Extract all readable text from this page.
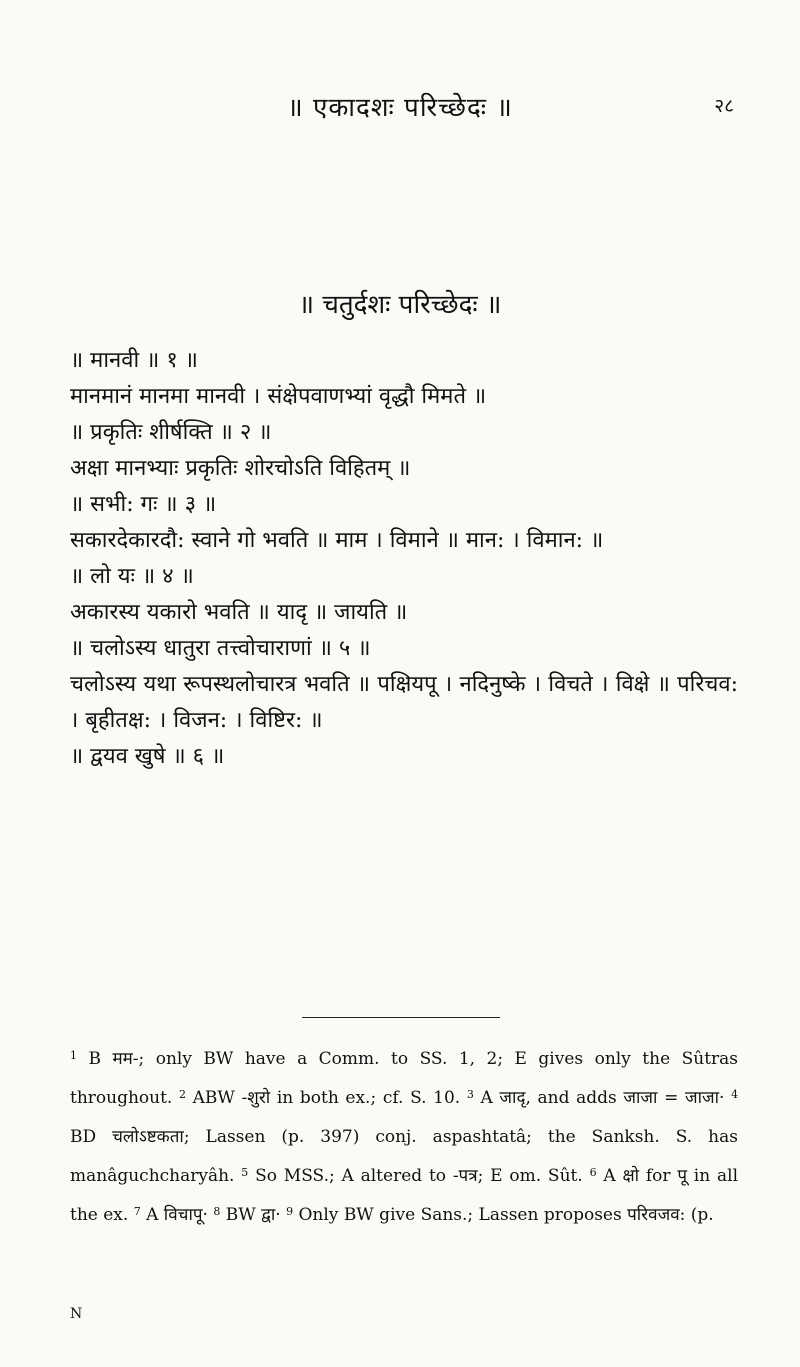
॥ एकादशः परिच्छेदः ॥	२८
॥ चतुर्दशः परिच्छेदः ॥
॥ मानवी ॥ १ ॥
मानमानं मानमा मानवी । संक्षेपवाणभ्यां वृद्धौ मिमते ॥
॥ प्रकृतिः शीर्षक्ति ॥ २ ॥
अक्षा मानभ्याः प्रकृतिः शोरचोऽति विहितम् ॥
॥ सभी: गः ॥ ३ ॥
सकारदेकारदौ: स्वाने गो भवति ॥ माम । विमाने ॥ मान: । विमान: ॥
॥ लो यः ॥ ४ ॥
अकारस्य यकारो भवति ॥ यादृ ॥ जायति ॥
॥ चलोऽस्य धातुरा तत्त्वोचाराणां ॥ ५ ॥
चलोऽस्य यथा रूपस्थलोचारत्र भवति ॥ पक्षियपू । नदिनुष्के । विचते । विक्षे ॥ परिचव: । बृहीतक्ष: । विजन: । विष्टिर: ॥
॥ द्वयव खुषे ॥ ६ ॥
$^1$ B मम-; only BW have a Comm. to SS. 1, 2; E gives only the Sûtras throughout. $^2$ ABW -शुरो in both ex.; cf. S. 10. $^3$ A जादृ, and adds जाजा = जाजा· $^4$ BD चलोऽष्टकता; Lassen (p. 397) conj. aspashtatâ; the Sanksh. S. has manâguchcharyâh. $^5$ So MSS.; A altered to -पत्र; E om. Sût. $^6$ A क्षो for पू in all the ex. $^7$ A विचापू· $^8$ BW द्वा· $^9$ Only BW give Sans.; Lassen proposes परिवजव: (p.
N
